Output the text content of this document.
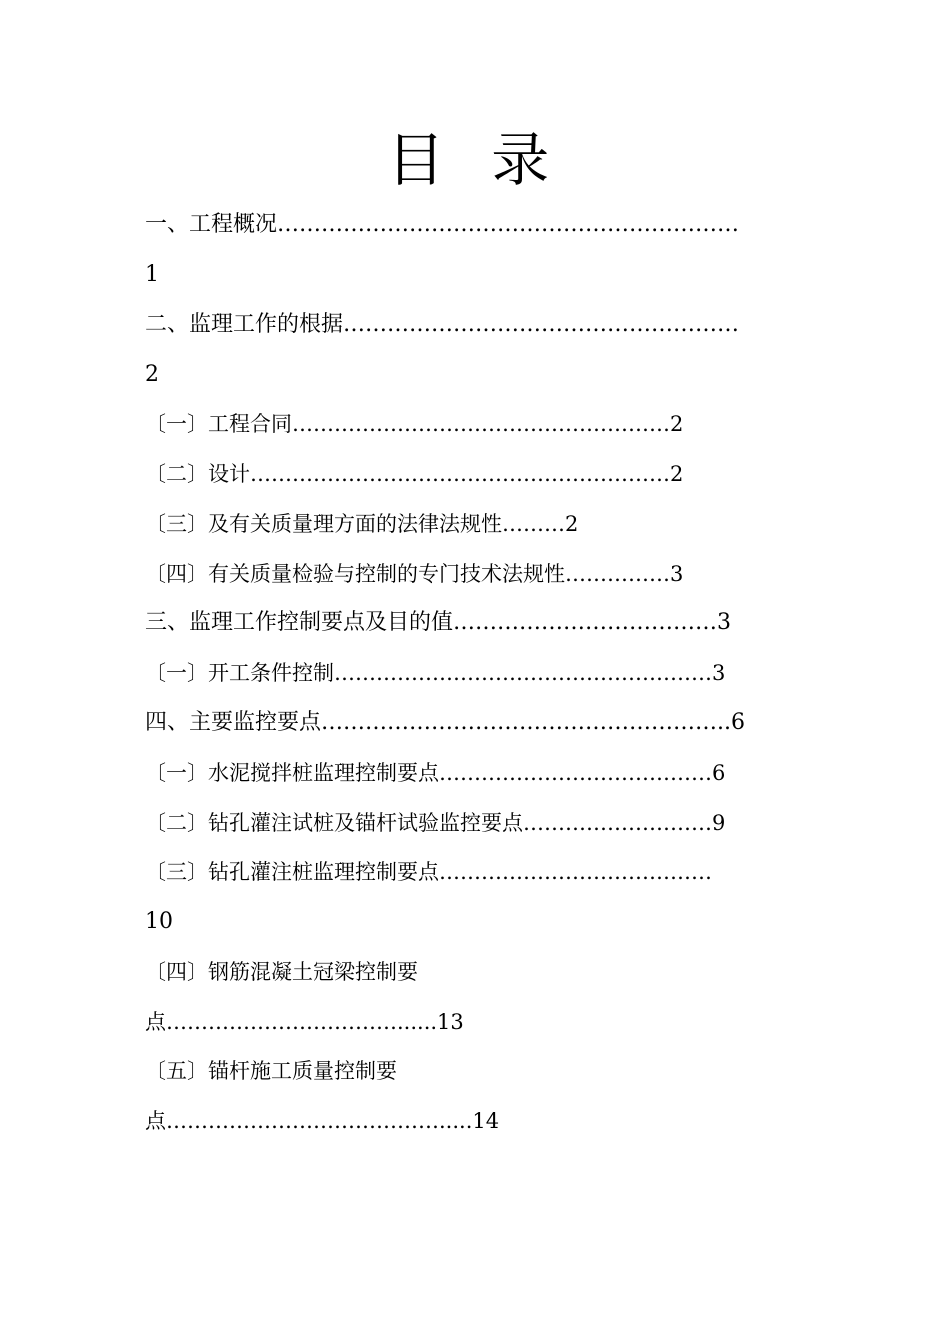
目 录
一、工程概况………………………………………………………
1
二、监理工作的根据………………………………………………
2
〔一〕工程合同………………………………………………2
〔二〕设计……………………………………………………2
〔三〕及有关质量理方面的法律法规性………2
〔四〕有关质量检验与控制的专门技术法规性……………3
三、监理工作控制要点及目的值………………………………3
〔一〕开工条件控制………………………………………………3
四、主要监控要点………………………………………………..6
〔一〕水泥搅拌桩监理控制要点…………………………………6
〔二〕钻孔灌注试桩及锚杆试验监控要点………………………9
〔三〕钻孔灌注桩监理控制要点…………………………………
10
〔四〕钢筋混凝土冠梁控制要
点……………………………......13
〔五〕锚杆施工质量控制要
点………………………………….....14
